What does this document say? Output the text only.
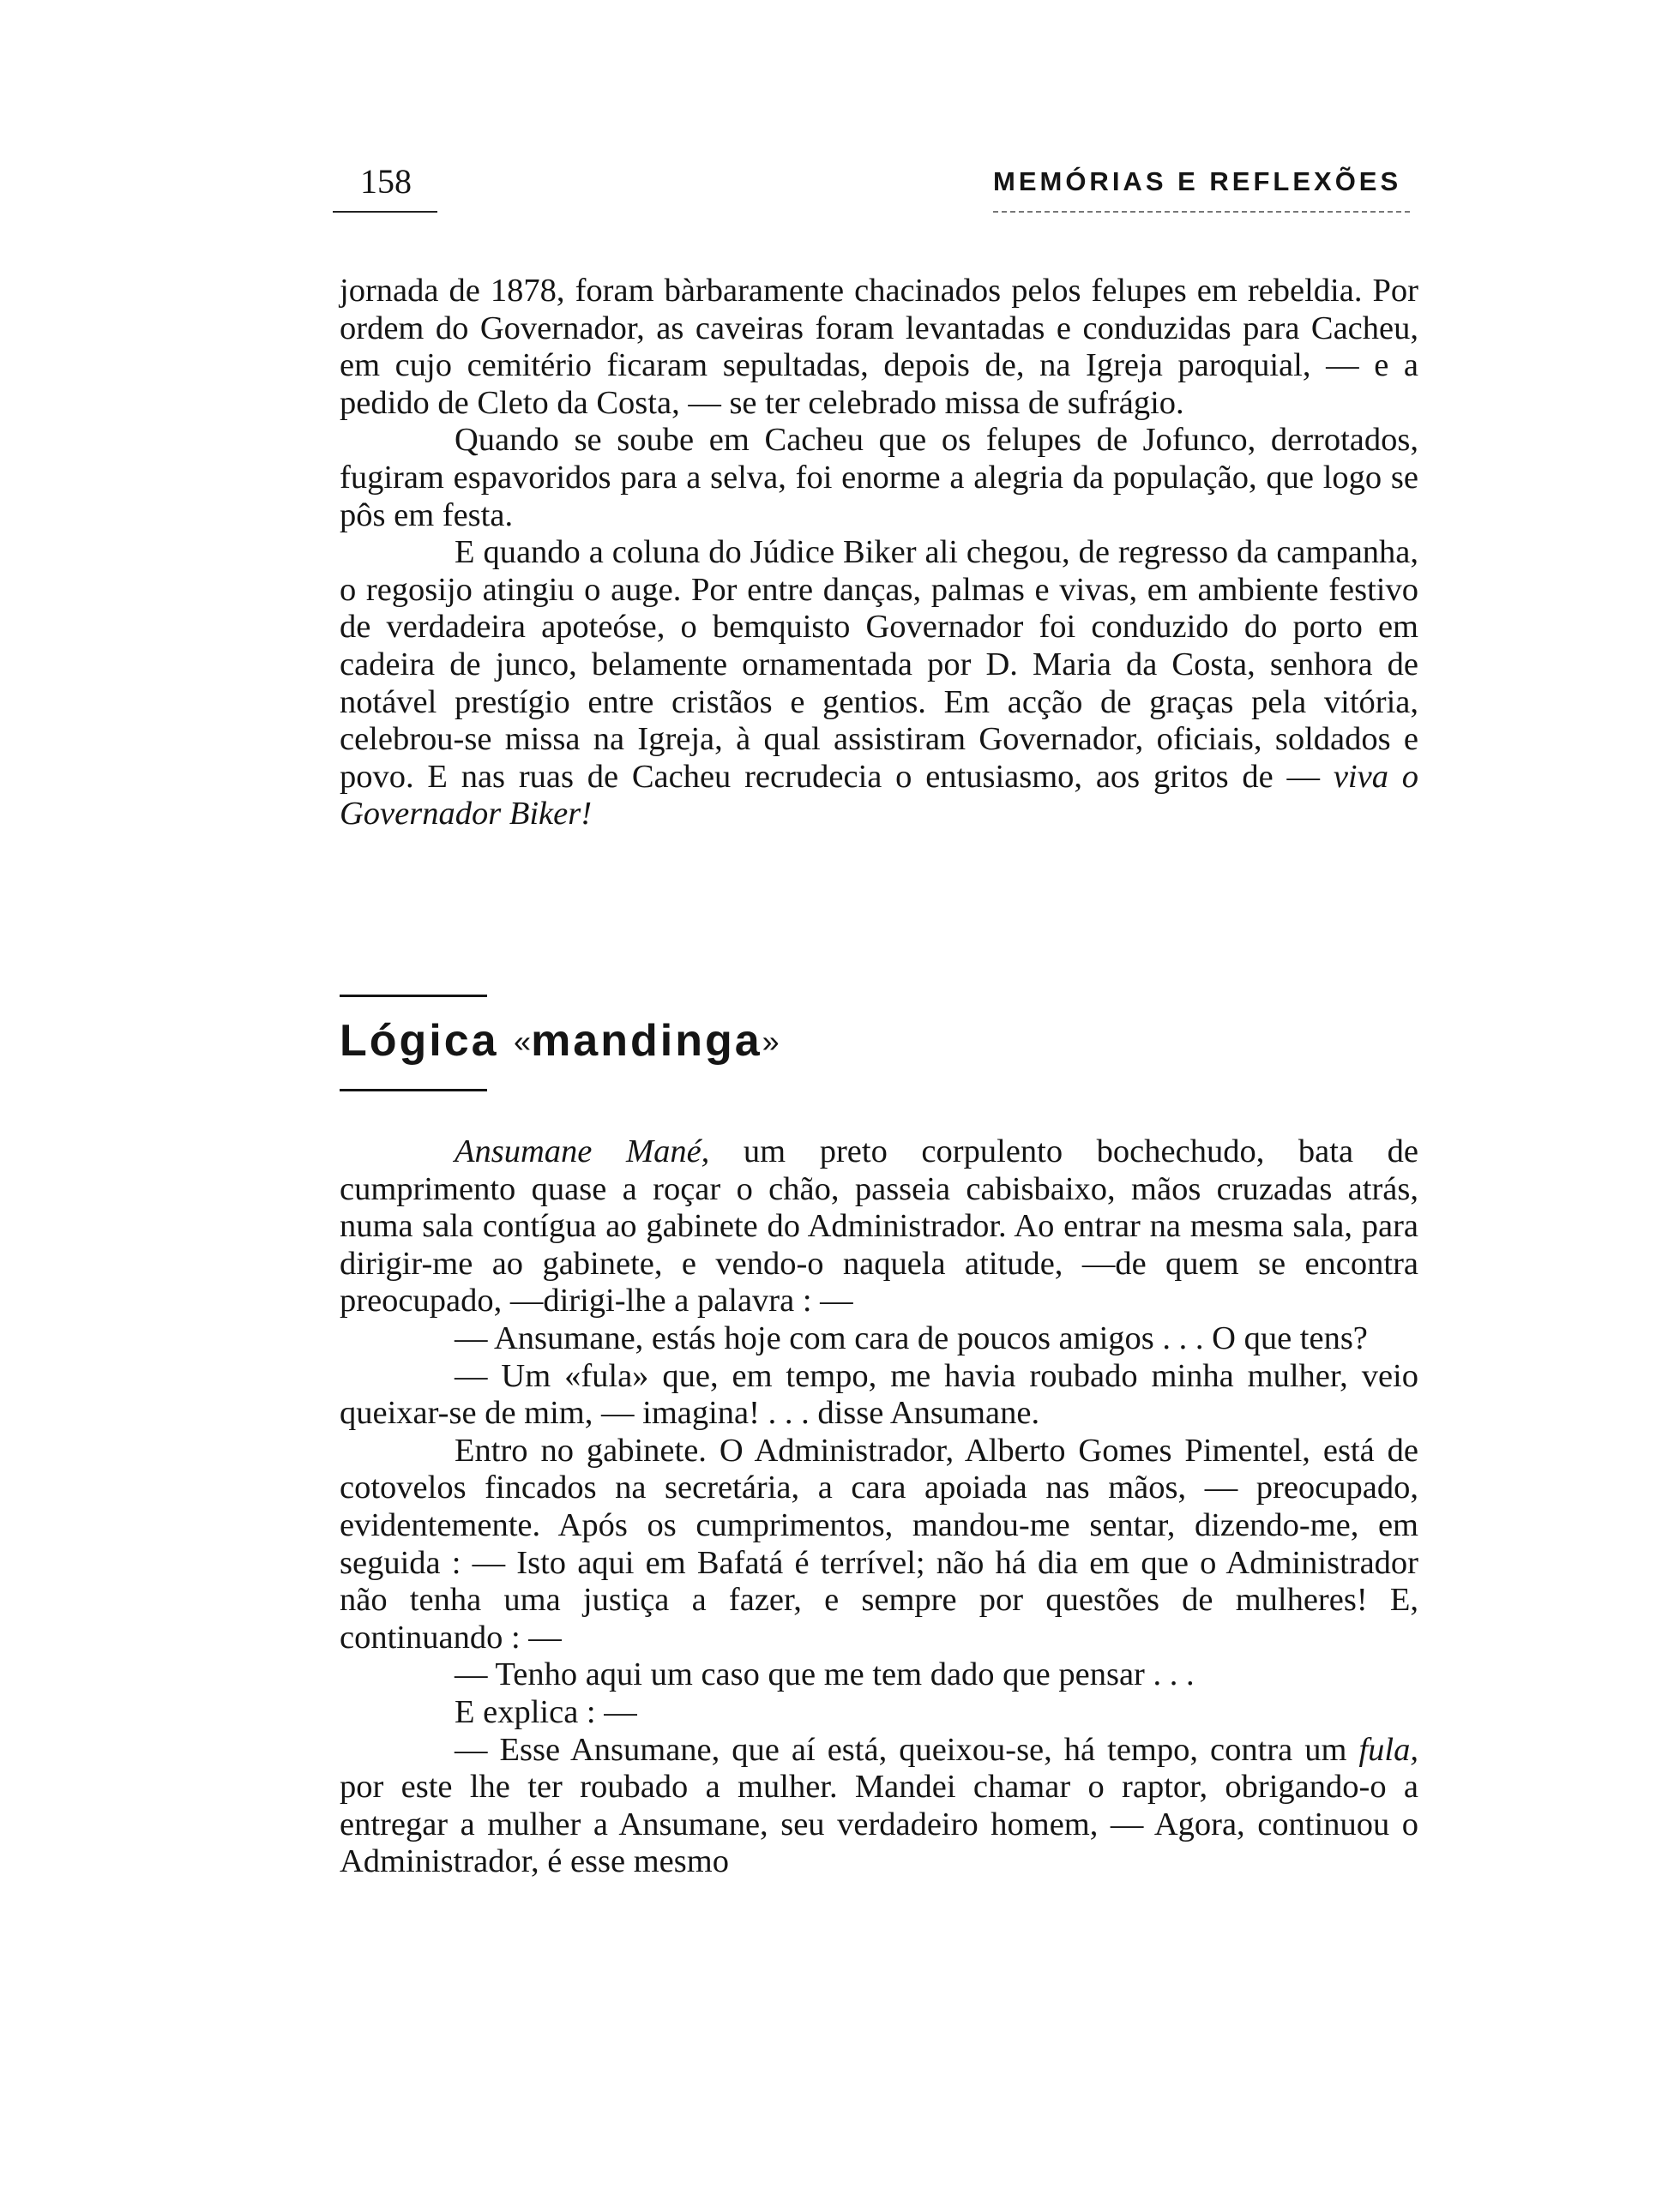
158	MEMÓRIAS E REFLEXÕES

jornada de 1878, foram bàrbaramente chacinados pelos felupes em rebeldia. Por ordem do Governador, as caveiras foram levantadas e conduzidas para Cacheu, em cujo cemitério ficaram sepultadas, depois de, na Igreja paroquial, — e a pedido de Cleto da Costa, — se ter celebrado missa de sufrágio.

Quando se soube em Cacheu que os felupes de Jofunco, derrotados, fugiram espavoridos para a selva, foi enorme a alegria da população, que logo se pôs em festa.

E quando a coluna do Júdice Biker ali chegou, de regresso da campanha, o regosijo atingiu o auge. Por entre danças, palmas e vivas, em ambiente festivo de verdadeira apoteóse, o bemquisto Governador foi conduzido do porto em cadeira de junco, belamente ornamentada por D. Maria da Costa, senhora de notável prestígio entre cristãos e gentios. Em acção de graças pela vitória, celebrou-se missa na Igreja, à qual assistiram Governador, oficiais, soldados e povo. E nas ruas de Cacheu recrudecia o entusiasmo, aos gritos de — viva o Governador Biker!

Lógica «mandinga»

Ansumane Mané, um preto corpulento bochechudo, bata de cumprimento quase a roçar o chão, passeia cabisbaixo, mãos cruzadas atrás, numa sala contígua ao gabinete do Administrador. Ao entrar na mesma sala, para dirigir-me ao gabinete, e vendo-o naquela atitude, —de quem se encontra preocupado, —dirigi-lhe a palavra : —

— Ansumane, estás hoje com cara de poucos amigos . . . O que tens?

— Um «fula» que, em tempo, me havia roubado minha mulher, veio queixar-se de mim, — imagina! . . . disse Ansumane.

Entro no gabinete. O Administrador, Alberto Gomes Pimentel, está de cotovelos fincados na secretária, a cara apoiada nas mãos, — preocupado, evidentemente. Após os cumprimentos, mandou-me sentar, dizendo-me, em seguida : — Isto aqui em Bafatá é terrível; não há dia em que o Administrador não tenha uma justiça a fazer, e sempre por questões de mulheres! E, continuando : —

— Tenho aqui um caso que me tem dado que pensar . . .

E explica : —

— Esse Ansumane, que aí está, queixou-se, há tempo, contra um fula, por este lhe ter roubado a mulher. Mandei chamar o raptor, obrigando-o a entregar a mulher a Ansumane, seu verdadeiro homem, — Agora, continuou o Administrador, é esse mesmo
